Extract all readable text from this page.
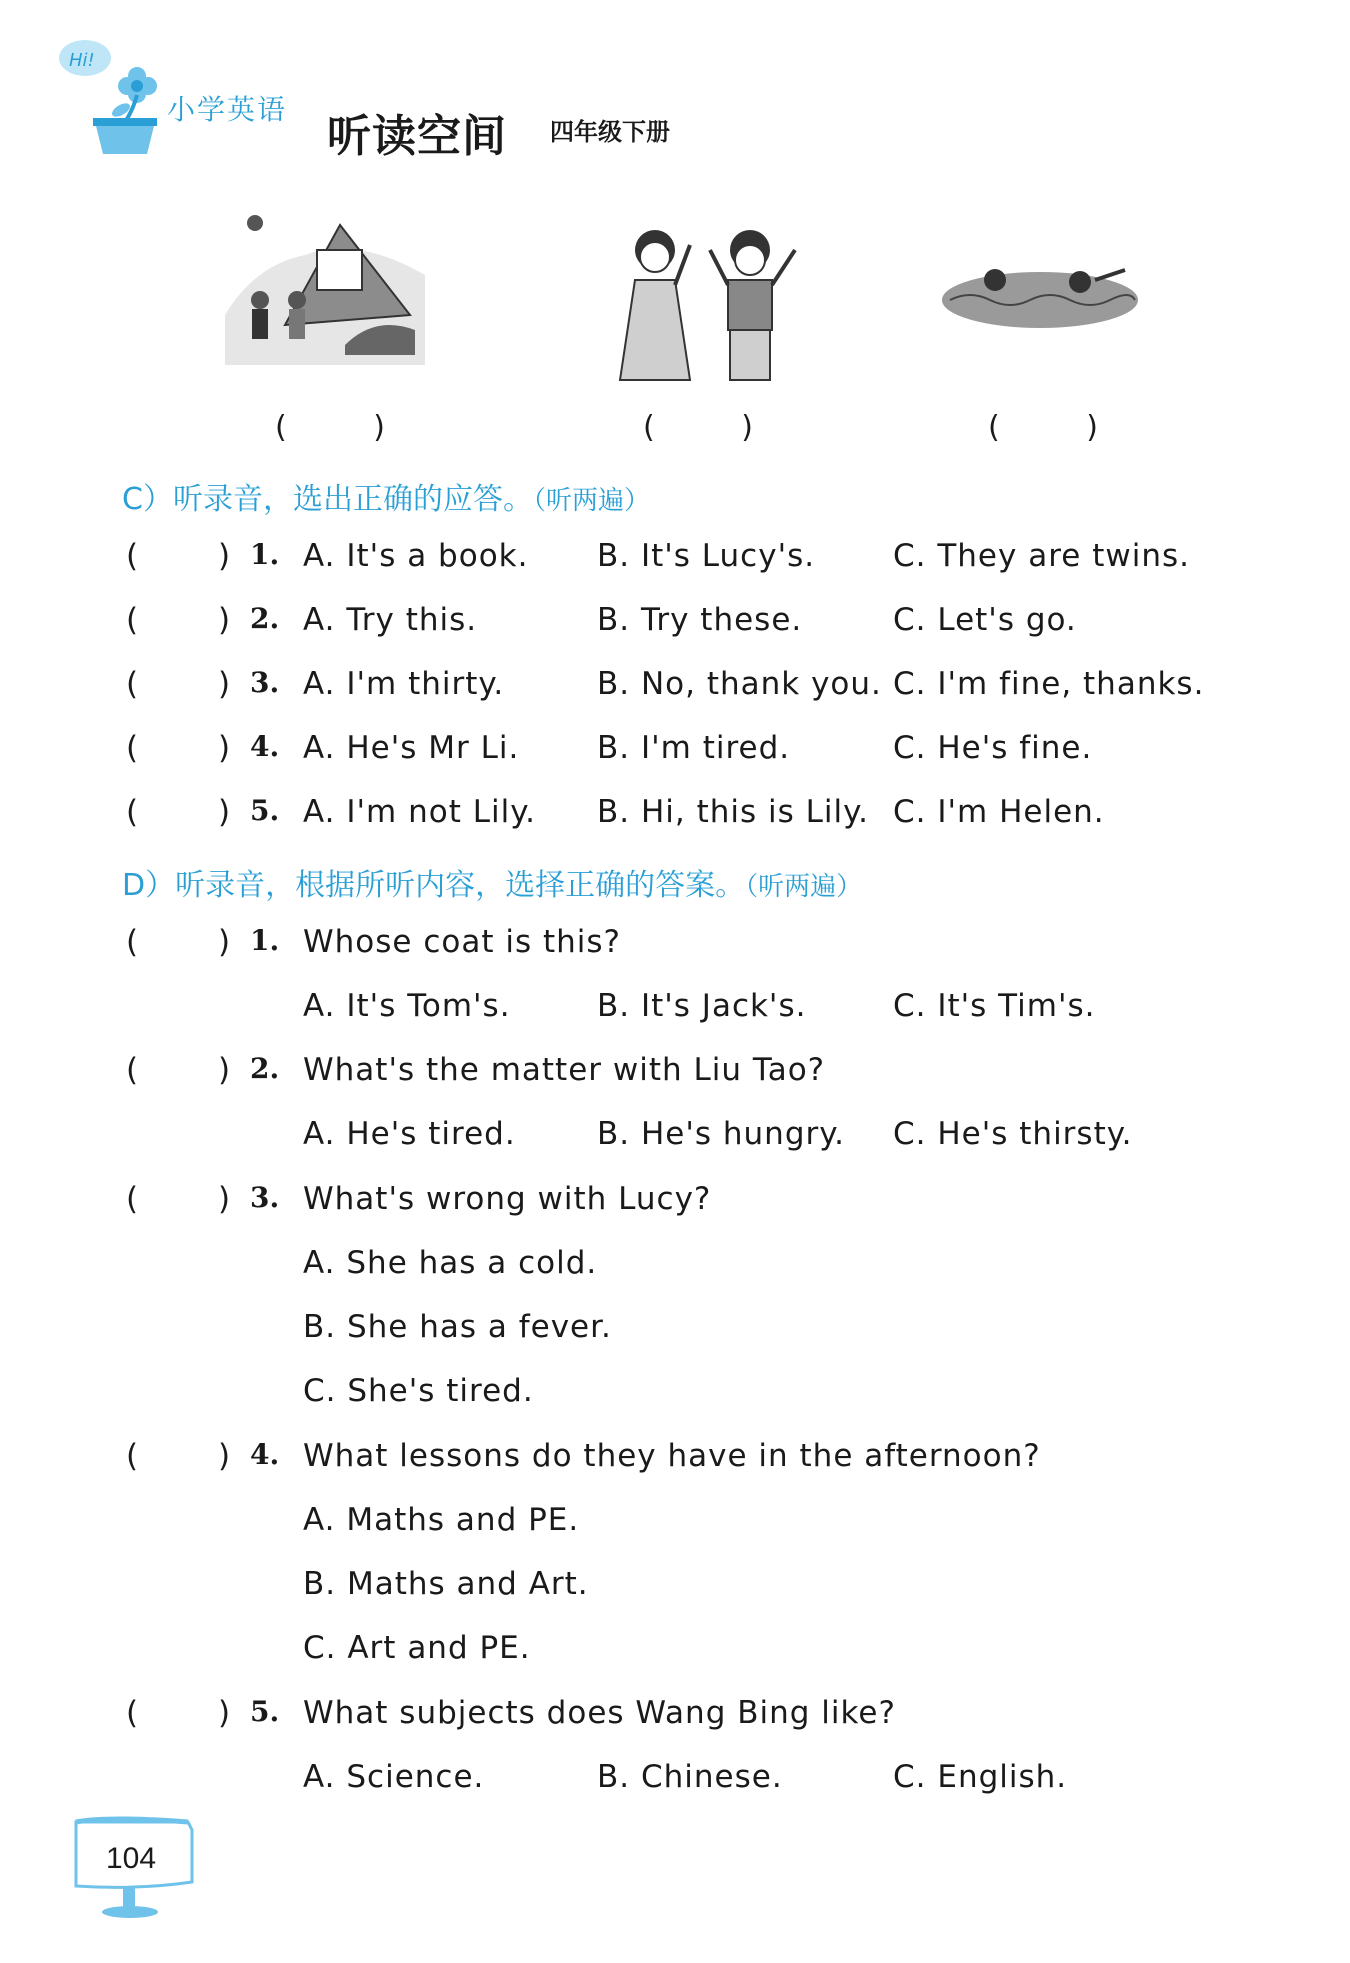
Hi!
小学英语
听读空间 四年级下册
(	)	(	)	(	)
C）听录音，选出正确的应答。（听两遍）
(	) 1. A. It's a book. B. It's Lucy's.	C. They are twins.
(	) 2. A. Try this.	B. Try these.	C. Let's go.
(	) 3. A. I'm thirty.	B. No, thank you. C. I'm fine, thanks.
(	) 4. A. He's Mr Li.	B. I'm tired.	C. He's fine.
(	) 5. A. I'm not Lily. B. Hi, this is Lily. C. I'm Helen.
D）听录音，根据所听内容，选择正确的答案。（听两遍）
(	) 1. Whose coat is this?
A. It's Tom's.	B. It's Jack's.	C. It's Tim's.
(	) 2. What's the matter with Liu Tao?
A. He's tired.	B. He's hungry. C. He's thirsty.
(	) 3. What's wrong with Lucy?
A. She has a cold.
B. She has a fever.
C. She's tired.
(	) 4. What lessons do they have in the afternoon?
A. Maths and PE.
B. Maths and Art.
C. Art and PE.
(	) 5. What subjects does Wang Bing like?
A. Science.	B. Chinese.	C. English.
104
